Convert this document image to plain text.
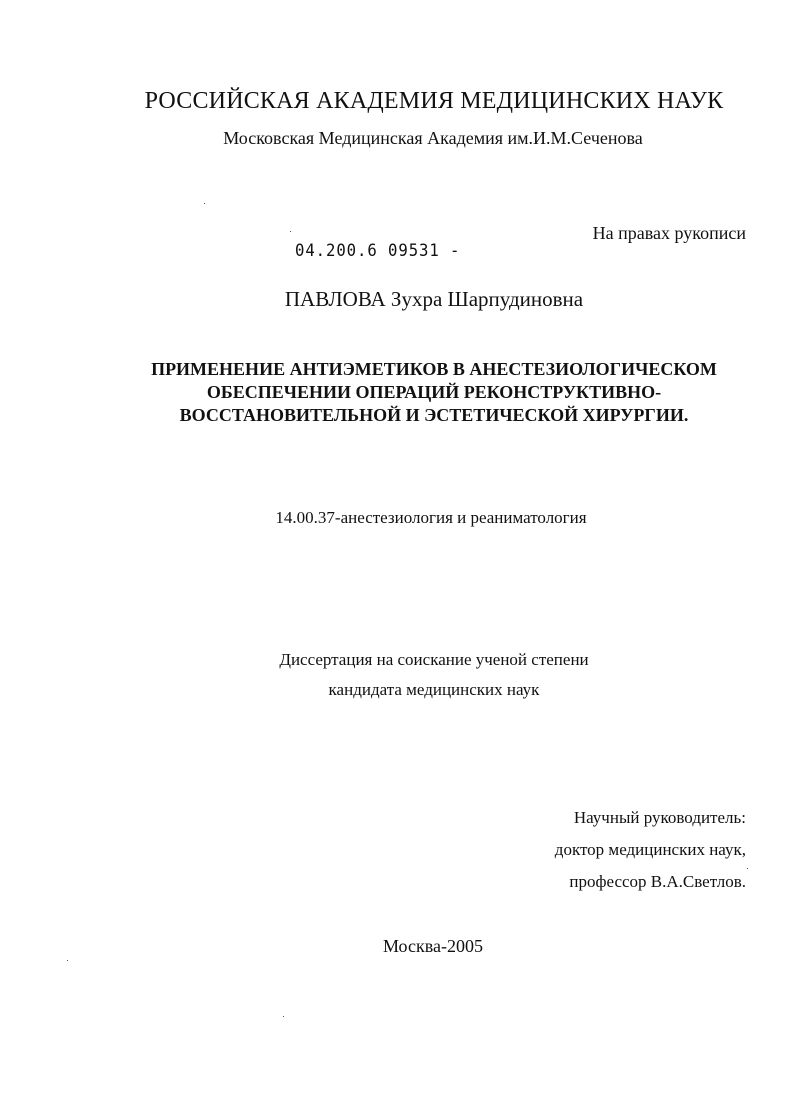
РОССИЙСКАЯ АКАДЕМИЯ МЕДИЦИНСКИХ НАУК
Московская Медицинская Академия им.И.М.Сеченова
На правах рукописи
04.200.6 09531 -
ПАВЛОВА Зухра Шарпудиновна
ПРИМЕНЕНИЕ АНТИЭМЕТИКОВ В АНЕСТЕЗИОЛОГИЧЕСКОМ
ОБЕСПЕЧЕНИИ ОПЕРАЦИЙ РЕКОНСТРУКТИВНО-
ВОССТАНОВИТЕЛЬНОЙ И ЭСТЕТИЧЕСКОЙ ХИРУРГИИ.
14.00.37-анестезиология и реаниматология
Диссертация на соискание ученой степени
кандидата медицинских наук
Научный руководитель:
доктор медицинских наук,
профессор В.А.Светлов.
Москва-2005
